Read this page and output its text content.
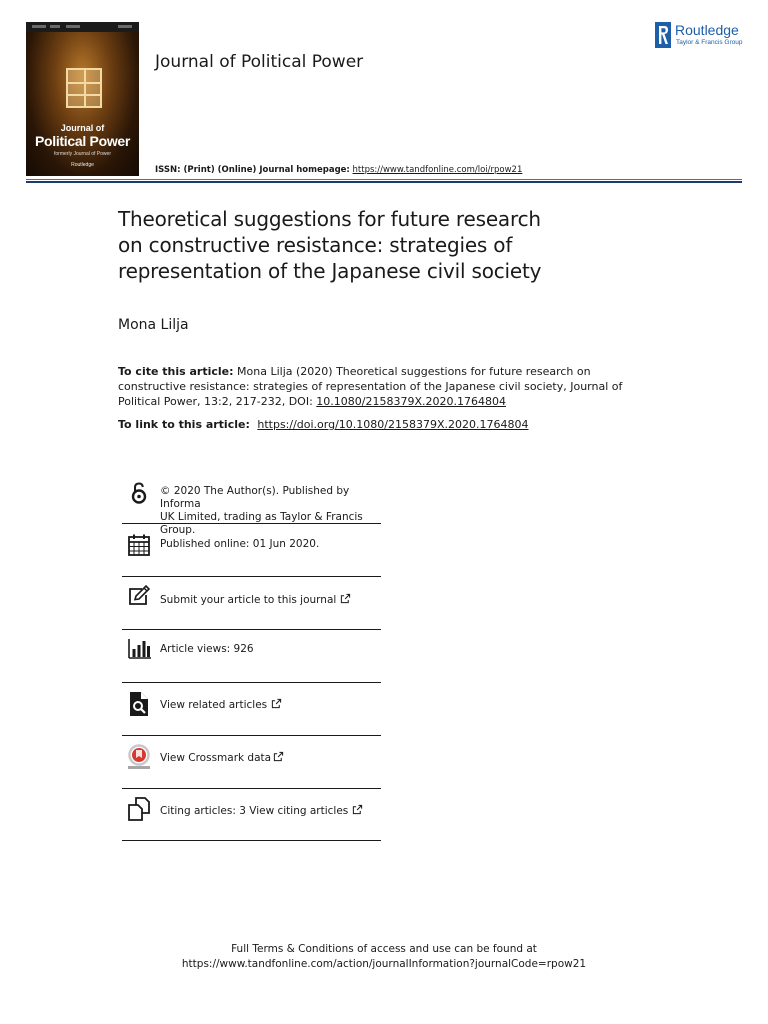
Journal of
Political Power
formerly Journal of Power
Routledge
Journal of Political Power
Routledge
Taylor & Francis Group
ISSN: (Print) (Online) Journal homepage: https://www.tandfonline.com/loi/rpow21
Theoretical suggestions for future research
on constructive resistance: strategies of
representation of the Japanese civil society
Mona Lilja
To cite this article: Mona Lilja (2020) Theoretical suggestions for future research on constructive resistance: strategies of representation of the Japanese civil society, Journal of Political Power, 13:2, 217-232, DOI: 10.1080/2158379X.2020.1764804
To link to this article: https://doi.org/10.1080/2158379X.2020.1764804
© 2020 The Author(s). Published by Informa
UK Limited, trading as Taylor & Francis
Group.
Published online: 01 Jun 2020.
Submit your article to this journal
Article views: 926
View related articles
View Crossmark data
Citing articles: 3 View citing articles
Full Terms & Conditions of access and use can be found at
https://www.tandfonline.com/action/journalInformation?journalCode=rpow21
